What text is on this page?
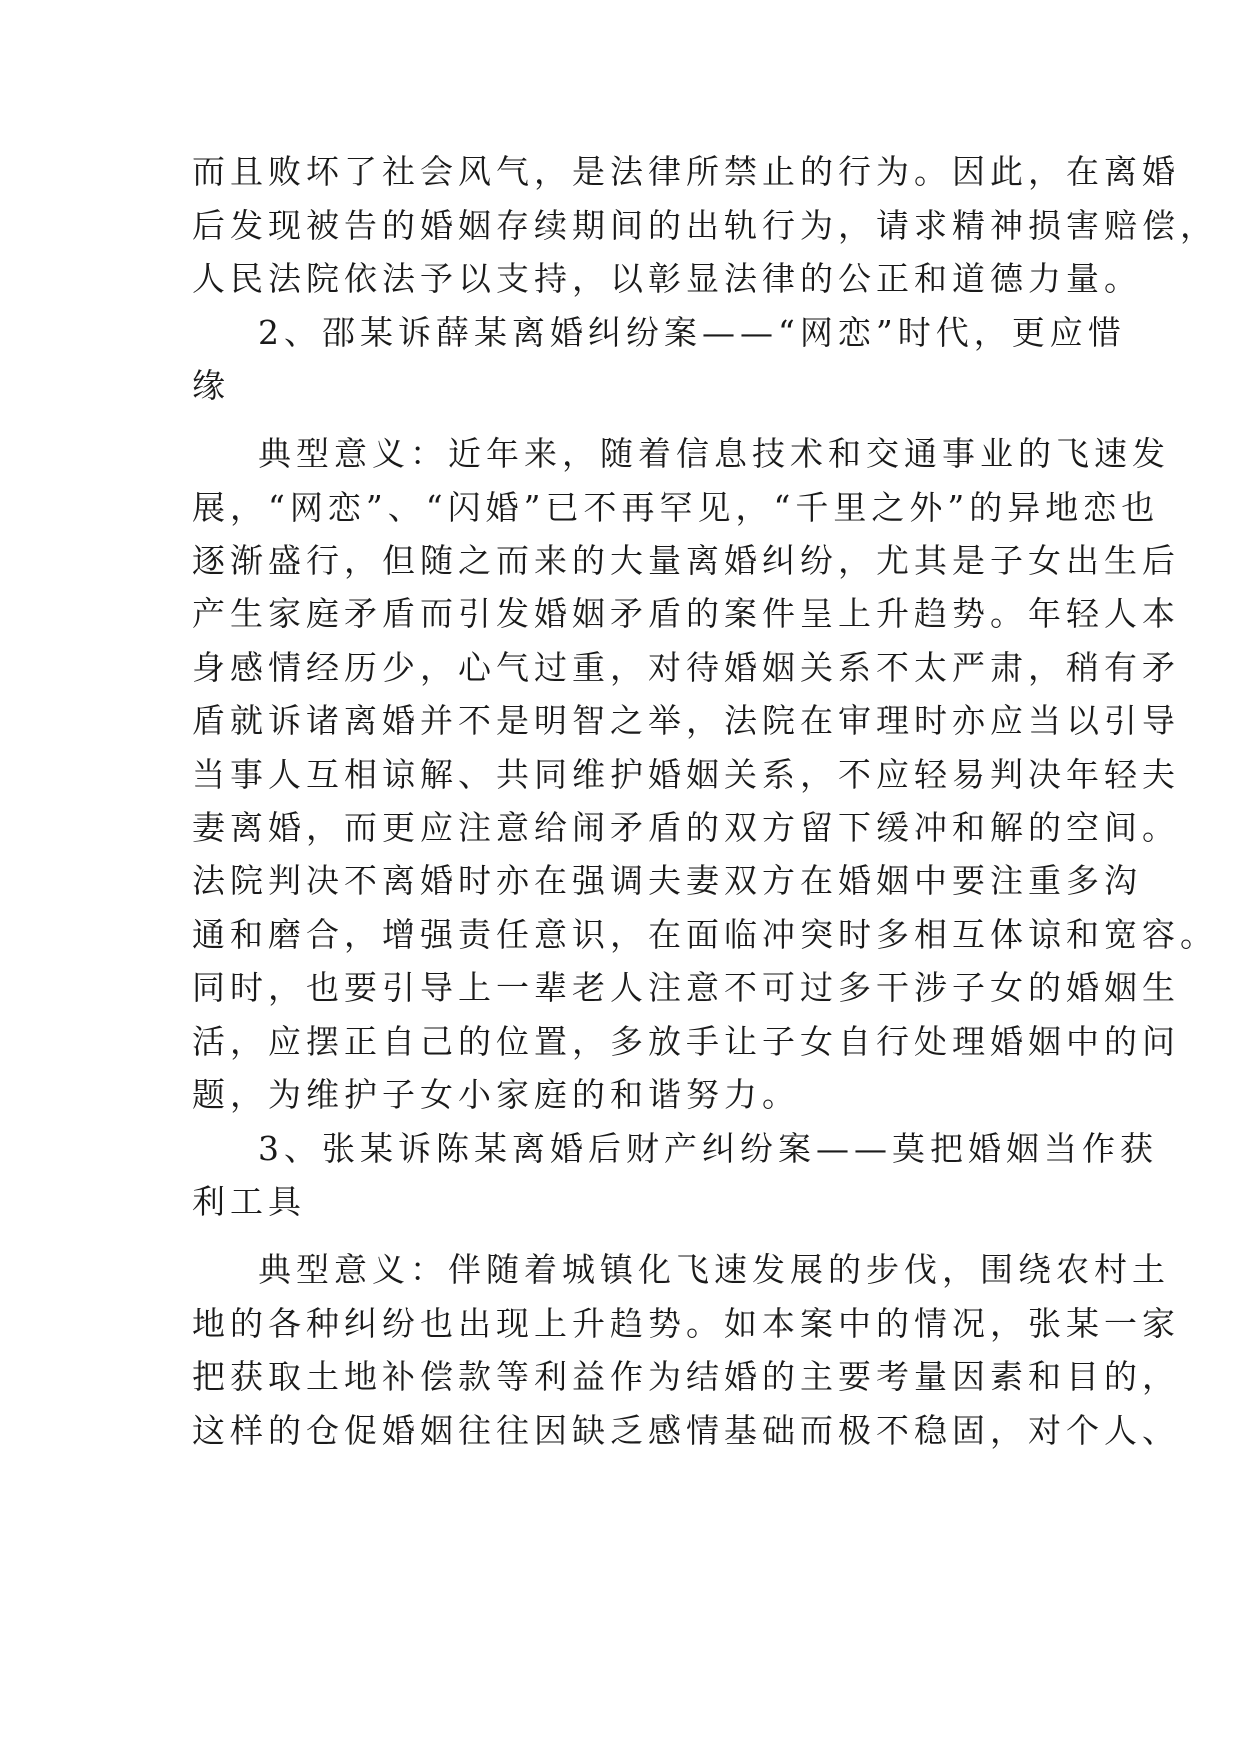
而且败坏了社会风气，是法律所禁止的行为。因此，在离婚
后发现被告的婚姻存续期间的出轨行为，请求精神损害赔偿，
人民法院依法予以支持，以彰显法律的公正和道德力量。
2、邵某诉薛某离婚纠纷案——“网恋”时代，更应惜
缘
典型意义：近年来，随着信息技术和交通事业的飞速发
展，“网恋”、“闪婚”已不再罕见，“千里之外”的异地恋也
逐渐盛行，但随之而来的大量离婚纠纷，尤其是子女出生后
产生家庭矛盾而引发婚姻矛盾的案件呈上升趋势。年轻人本
身感情经历少，心气过重，对待婚姻关系不太严肃，稍有矛
盾就诉诸离婚并不是明智之举，法院在审理时亦应当以引导
当事人互相谅解、共同维护婚姻关系，不应轻易判决年轻夫
妻离婚，而更应注意给闹矛盾的双方留下缓冲和解的空间。
法院判决不离婚时亦在强调夫妻双方在婚姻中要注重多沟
通和磨合，增强责任意识，在面临冲突时多相互体谅和宽容。
同时，也要引导上一辈老人注意不可过多干涉子女的婚姻生
活，应摆正自己的位置，多放手让子女自行处理婚姻中的问
题，为维护子女小家庭的和谐努力。
3、张某诉陈某离婚后财产纠纷案——莫把婚姻当作获
利工具
典型意义：伴随着城镇化飞速发展的步伐，围绕农村土
地的各种纠纷也出现上升趋势。如本案中的情况，张某一家
把获取土地补偿款等利益作为结婚的主要考量因素和目的，
这样的仓促婚姻往往因缺乏感情基础而极不稳固，对个人、
